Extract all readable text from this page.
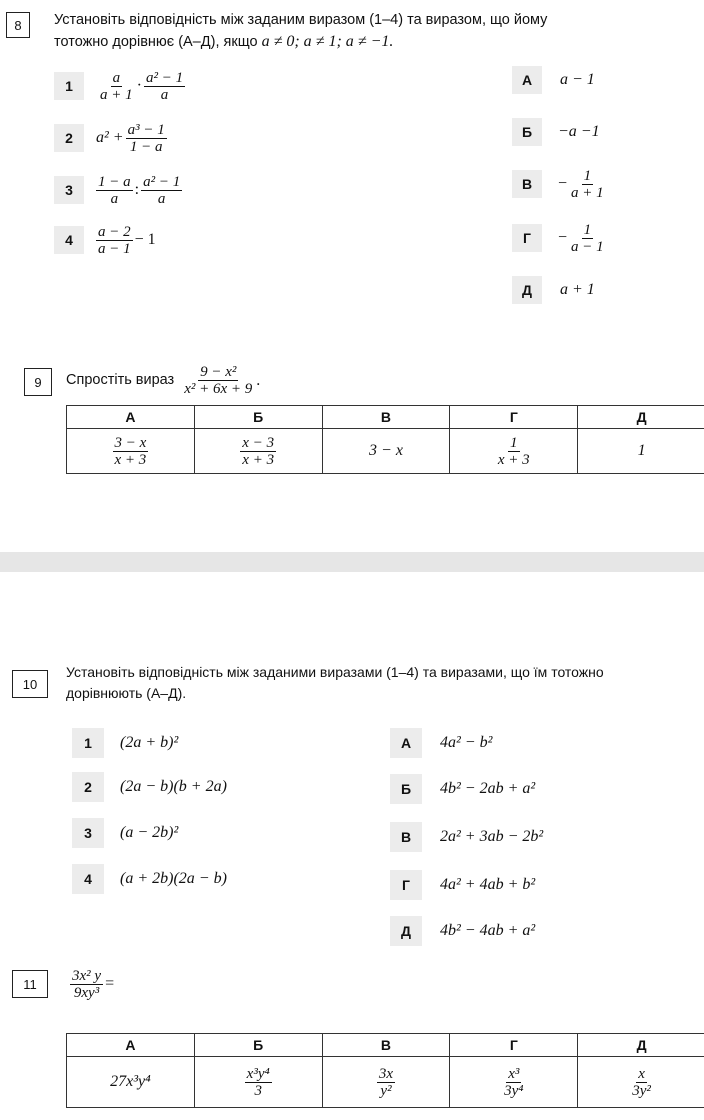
8 Установіть відповідність між заданим виразом (1–4) та виразом, що йому
тотожно дорівнює (А–Д), якщо a ≠ 0; a ≠ 1; a ≠ −1.
1
2
3
4
$\frac{a}{a + 1} \cdot \frac{\text{a² − 1}}{a}$
$a^2 + \frac{\text{a³ − 1}}{1 - a}$
$\frac{1 - a}{a}$ : $\frac{\text{a² − 1}}{a}$
$\frac{a - 2}{a - 1} - 1$
А
Б
В
Г
Д
a − 1
−a −1
− $\frac{1}{a + 1}$
− $\frac{1}{a - 1}$
a + 1
9 Спростіть вираз $\frac{\text{9 − x²}}{\text{x² + 6x + 9}}$ .
А	Б	В	Г	Д

$\frac{3 - x}{x + 3}$	$\frac{x - 3}{x + 3}$	3 − x	$\frac{1}{x + 3}$	1
10
Установіть відповідність між заданими виразами (1–4) та виразами, що їм тотожно
дорівнюють (А–Д).
1
2
3
4
(2a + b)²
(2a − b)(b + 2a)
(a − 2b)²
(a + 2b)(2a − b)
А
Б
В
Г
Д
4a² − b²
4b² − 2ab + a²
2a² + 3ab − 2b²
4a² + 4ab + b²
4b² − 4ab + a²
$11 \frac{\text{3x² y}}{\text{9xy³}}$ =
А	Б	В	Г	Д
27x³y⁴	$\frac{\text{x³y⁴}}{3}$	$\frac{3x}{\text{y²}}$	$\frac{\text{x³}}{\text{3y⁴}}$	$\frac{x}{\text{3y²}}$
